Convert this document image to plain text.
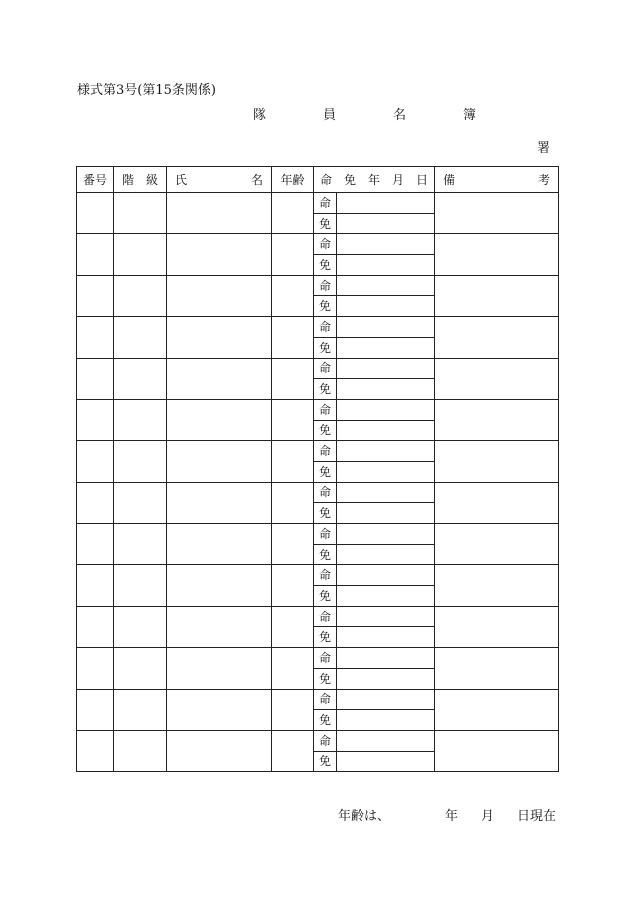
様式第3号(第15条関係)
隊　員　名　簿
署
番号	階　級	氏 名	年齢	命　免　年　月　日		備 考

				命		
				免		
				命		
				免		
				命		
				免		
				命		
				免		
				命		
				免		
				命		
				免		
				命		
				免		
				命		
				免		
				命		
				免		
				命		
				免		
				命		
				免		
				命		
				免		
				命		
				免		
				命		
				免		
年齢は、	年	月	日現在
